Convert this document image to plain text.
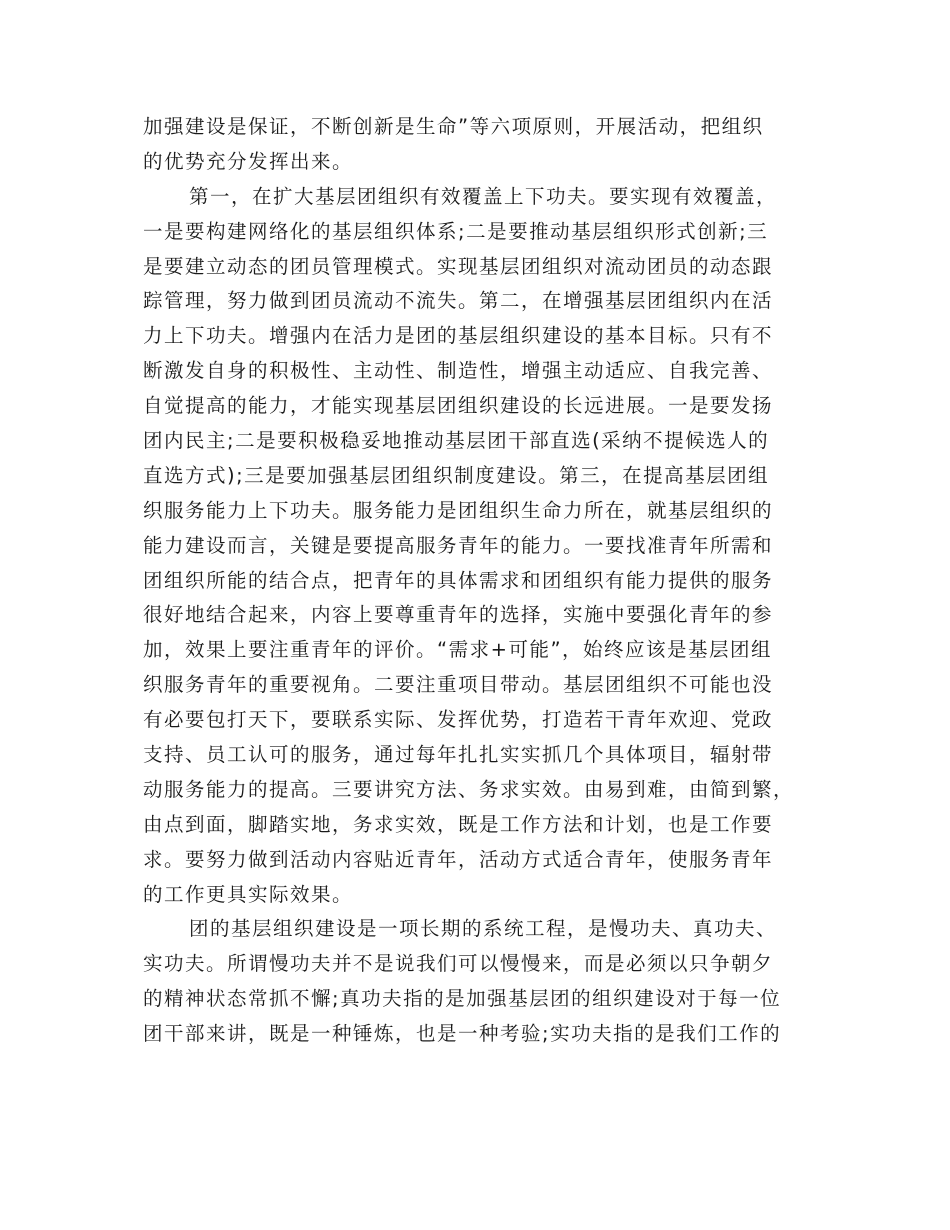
加强建设是保证，不断创新是生命”等六项原则，开展活动，把组织
的优势充分发挥出来。
第一，在扩大基层团组织有效覆盖上下功夫。要实现有效覆盖，
一是要构建网络化的基层组织体系;二是要推动基层组织形式创新;三
是要建立动态的团员管理模式。实现基层团组织对流动团员的动态跟
踪管理，努力做到团员流动不流失。第二，在增强基层团组织内在活
力上下功夫。增强内在活力是团的基层组织建设的基本目标。只有不
断激发自身的积极性、主动性、制造性，增强主动适应、自我完善、
自觉提高的能力，才能实现基层团组织建设的长远进展。一是要发扬
团内民主;二是要积极稳妥地推动基层团干部直选(采纳不提候选人的
直选方式);三是要加强基层团组织制度建设。第三，在提高基层团组
织服务能力上下功夫。服务能力是团组织生命力所在，就基层组织的
能力建设而言，关键是要提高服务青年的能力。一要找准青年所需和
团组织所能的结合点，把青年的具体需求和团组织有能力提供的服务
很好地结合起来，内容上要尊重青年的选择，实施中要强化青年的参
加，效果上要注重青年的评价。“需求+可能”，始终应该是基层团组
织服务青年的重要视角。二要注重项目带动。基层团组织不可能也没
有必要包打天下，要联系实际、发挥优势，打造若干青年欢迎、党政
支持、员工认可的服务，通过每年扎扎实实抓几个具体项目，辐射带
动服务能力的提高。三要讲究方法、务求实效。由易到难，由简到繁，
由点到面，脚踏实地，务求实效，既是工作方法和计划，也是工作要
求。要努力做到活动内容贴近青年，活动方式适合青年，使服务青年
的工作更具实际效果。
团的基层组织建设是一项长期的系统工程，是慢功夫、真功夫、
实功夫。所谓慢功夫并不是说我们可以慢慢来，而是必须以只争朝夕
的精神状态常抓不懈;真功夫指的是加强基层团的组织建设对于每一位
团干部来讲，既是一种锤炼，也是一种考验;实功夫指的是我们工作的
